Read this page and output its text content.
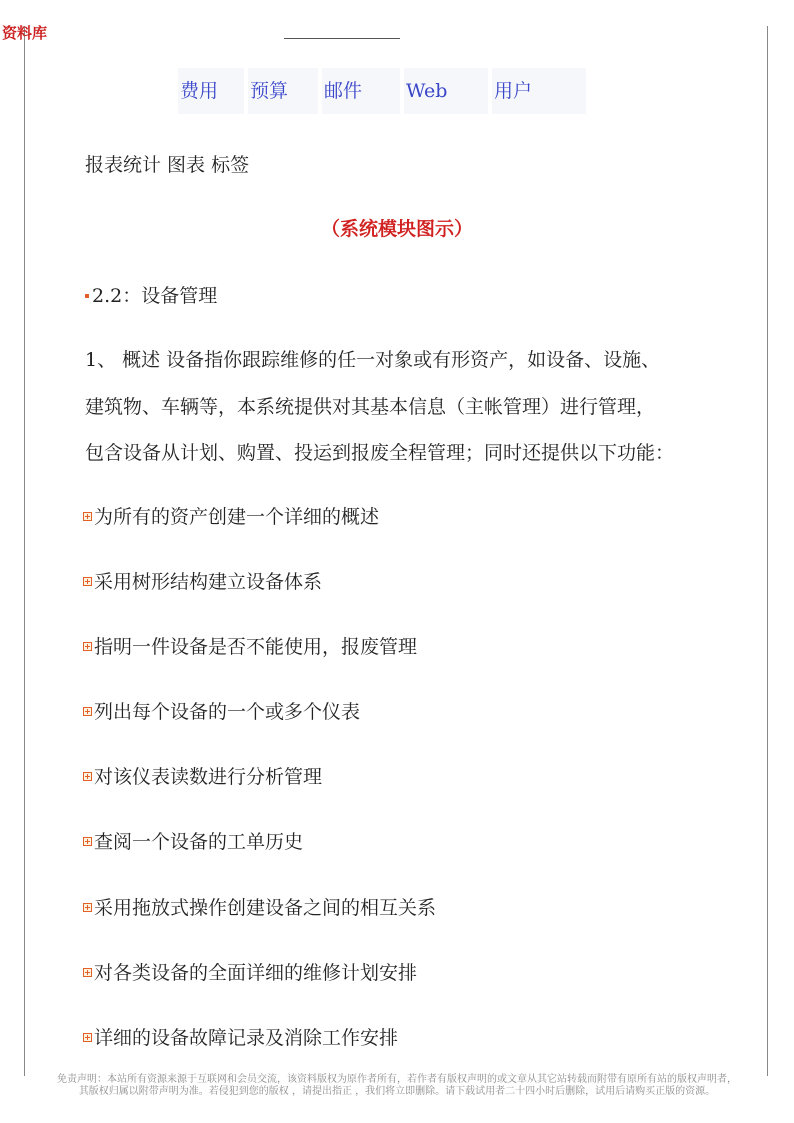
资料库
费用	预算	邮件	Web	用户
报表统计 图表 标签
（系统模块图示）
2.2：设备管理
1、 概述 设备指你跟踪维修的任一对象或有形资产，如设备、设施、
建筑物、车辆等，本系统提供对其基本信息（主帐管理）进行管理，
包含设备从计划、购置、投运到报废全程管理；同时还提供以下功能：
为所有的资产创建一个详细的概述
采用树形结构建立设备体系
指明一件设备是否不能使用，报废管理
列出每个设备的一个或多个仪表
对该仪表读数进行分析管理
查阅一个设备的工单历史
采用拖放式操作创建设备之间的相互关系
对各类设备的全面详细的维修计划安排
详细的设备故障记录及消除工作安排
免责声明：本站所有资源来源于互联网和会员交流，该资料版权为原作者所有，若作者有版权声明的或文章从其它站转载而附带有原所有站的版权声明者，
其版权归属以附带声明为准。若侵犯到您的版权 ，请提出指正 ，我们将立即删除。请下载试用者二十四小时后删除，试用后请购买正版的资源。
